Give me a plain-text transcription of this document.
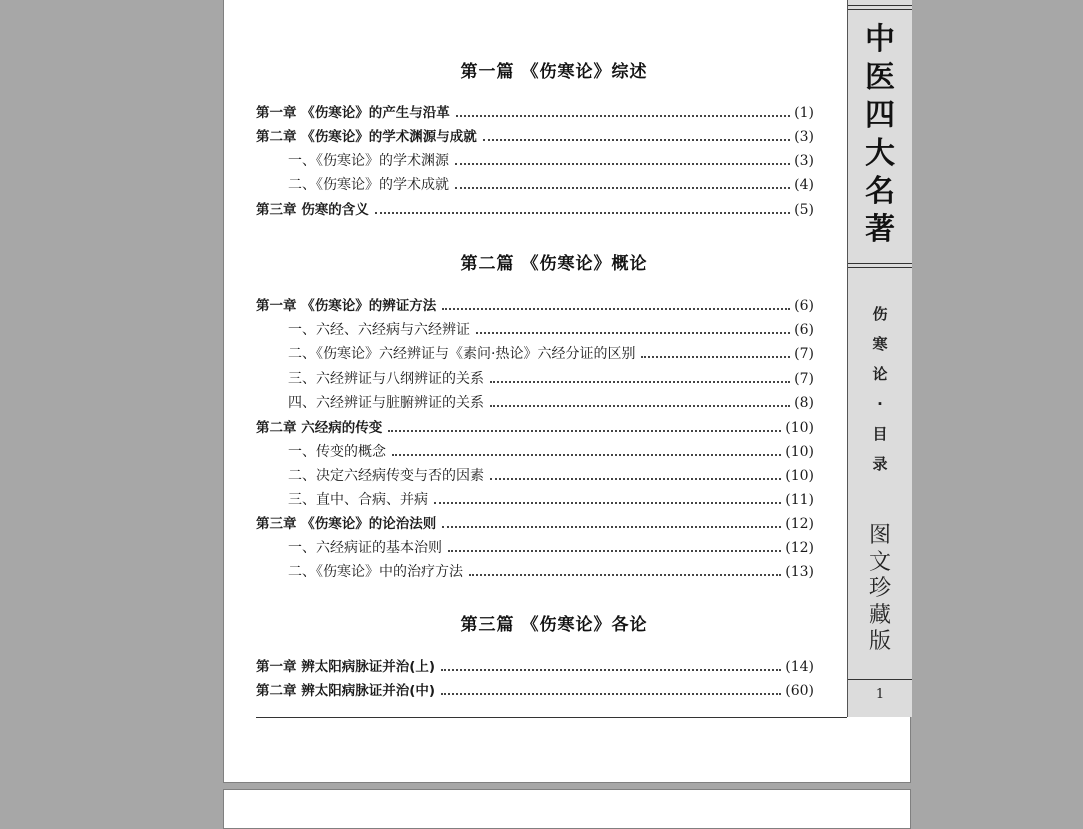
第一篇 《伤寒论》综述
第一章 《伤寒论》的产生与沿革	(1)
第二章 《伤寒论》的学术渊源与成就	(3)
一、《伤寒论》的学术渊源	(3)
二、《伤寒论》的学术成就	(4)
第三章 伤寒的含义	(5)
第二篇 《伤寒论》概论
第一章 《伤寒论》的辨证方法	(6)
一、六经、六经病与六经辨证	(6)
二、《伤寒论》六经辨证与《素问·热论》六经分证的区别	(7)
三、六经辨证与八纲辨证的关系	(7)
四、六经辨证与脏腑辨证的关系	(8)
第二章 六经病的传变	(10)
一、传变的概念	(10)
二、决定六经病传变与否的因素	(10)
三、直中、合病、并病	(11)
第三章 《伤寒论》的论治法则	(12)
一、六经病证的基本治则	(12)
二、《伤寒论》中的治疗方法	(13)
第三篇 《伤寒论》各论
第一章 辨太阳病脉证并治(上)	(14)
第二章 辨太阳病脉证并治(中)	(60)
中
医
四
大
名
著
伤
寒
论
·
目
录
图
文
珍
藏
版
1
